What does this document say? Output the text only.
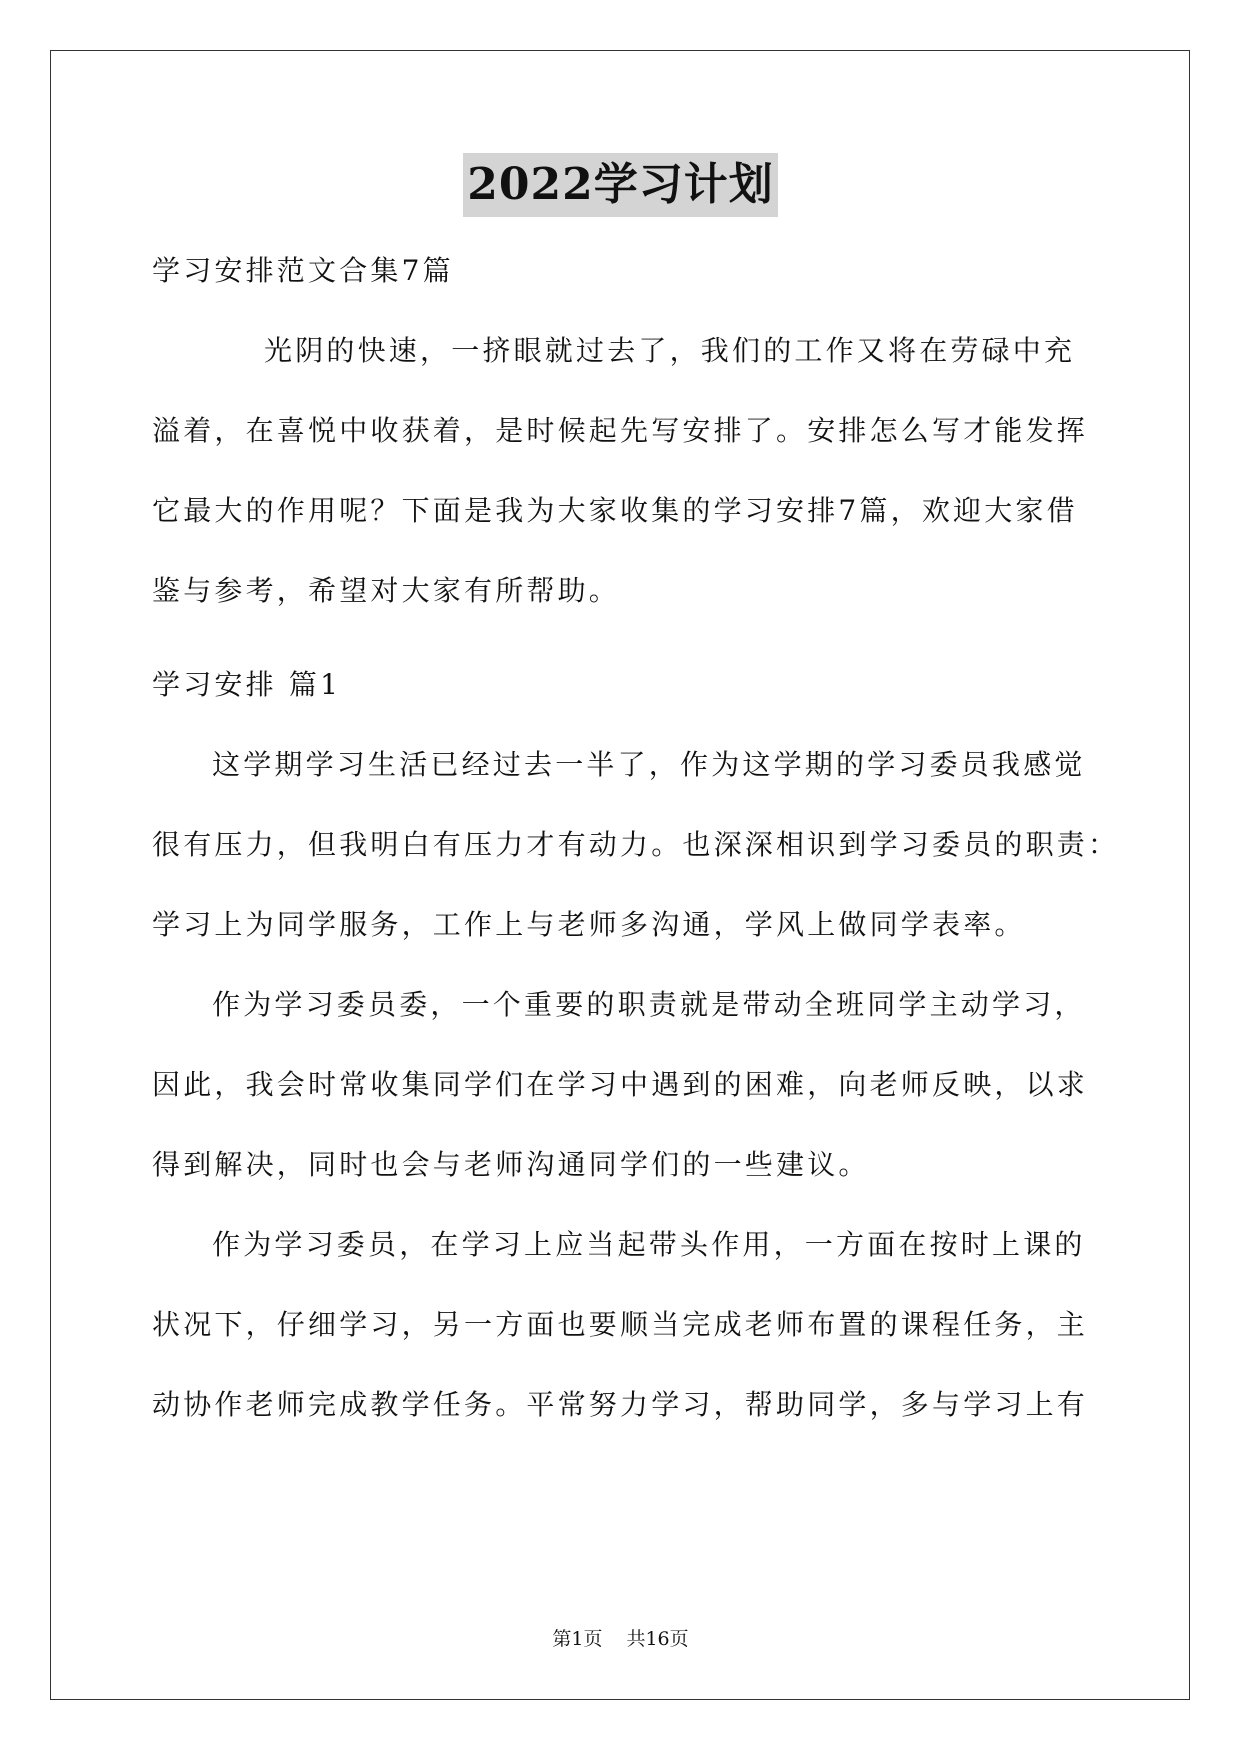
2022学习计划
学习安排范文合集7篇
光阴的快速，一挤眼就过去了，我们的工作又将在劳碌中充
溢着，在喜悦中收获着，是时候起先写安排了。安排怎么写才能发挥
它最大的作用呢？下面是我为大家收集的学习安排7篇，欢迎大家借
鉴与参考，希望对大家有所帮助。
学习安排 篇1
这学期学习生活已经过去一半了，作为这学期的学习委员我感觉
很有压力，但我明白有压力才有动力。也深深相识到学习委员的职责：
学习上为同学服务，工作上与老师多沟通，学风上做同学表率。
作为学习委员委，一个重要的职责就是带动全班同学主动学习，
因此，我会时常收集同学们在学习中遇到的困难，向老师反映，以求
得到解决，同时也会与老师沟通同学们的一些建议。
作为学习委员，在学习上应当起带头作用，一方面在按时上课的
状况下，仔细学习，另一方面也要顺当完成老师布置的课程任务，主
动协作老师完成教学任务。平常努力学习，帮助同学，多与学习上有
第1页 共16页
